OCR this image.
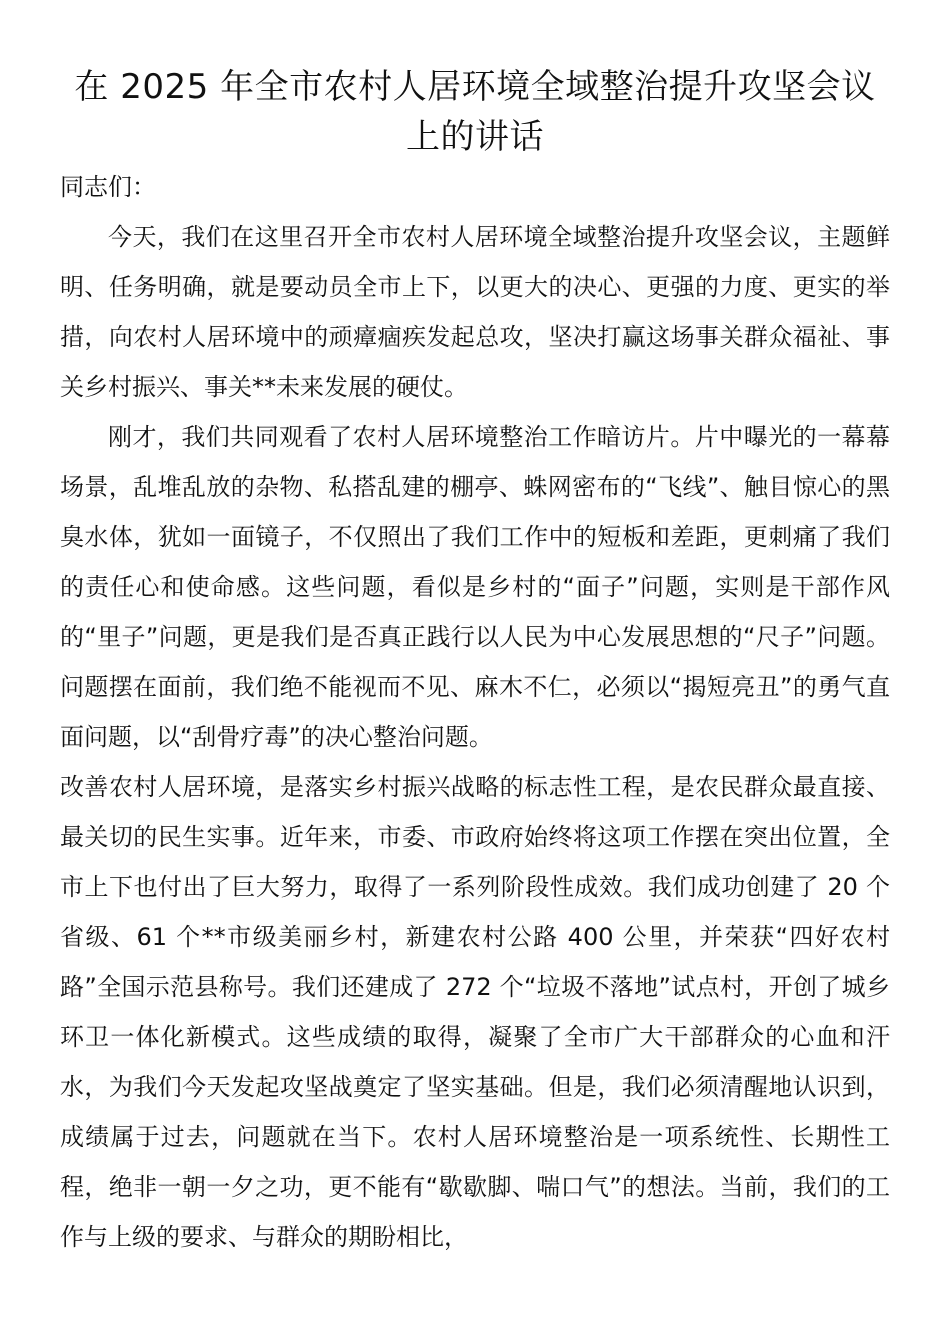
在 2025 年全市农村人居环境全域整治提升攻坚会议上的讲话

同志们：

今天，我们在这里召开全市农村人居环境全域整治提升攻坚会议，主题鲜明、任务明确，就是要动员全市上下，以更大的决心、更强的力度、更实的举措，向农村人居环境中的顽瘴痼疾发起总攻，坚决打赢这场事关群众福祉、事关乡村振兴、事关**未来发展的硬仗。

刚才，我们共同观看了农村人居环境整治工作暗访片。片中曝光的一幕幕场景，乱堆乱放的杂物、私搭乱建的棚亭、蛛网密布的“飞线”、触目惊心的黑臭水体，犹如一面镜子，不仅照出了我们工作中的短板和差距，更刺痛了我们的责任心和使命感。这些问题，看似是乡村的“面子”问题，实则是干部作风的“里子”问题，更是我们是否真正践行以人民为中心发展思想的“尺子”问题。问题摆在面前，我们绝不能视而不见、麻木不仁，必须以“揭短亮丑”的勇气直面问题，以“刮骨疗毒”的决心整治问题。

改善农村人居环境，是落实乡村振兴战略的标志性工程，是农民群众最直接、最关切的民生实事。近年来，市委、市政府始终将这项工作摆在突出位置，全市上下也付出了巨大努力，取得了一系列阶段性成效。我们成功创建了 20 个省级、61 个**市级美丽乡村，新建农村公路 400 公里，并荣获“四好农村路”全国示范县称号。我们还建成了 272 个“垃圾不落地”试点村，开创了城乡环卫一体化新模式。这些成绩的取得，凝聚了全市广大干部群众的心血和汗水，为我们今天发起攻坚战奠定了坚实基础。但是，我们必须清醒地认识到，成绩属于过去，问题就在当下。农村人居环境整治是一项系统性、长期性工程，绝非一朝一夕之功，更不能有“歇歇脚、喘口气”的想法。当前，我们的工作与上级的要求、与群众的期盼相比，
